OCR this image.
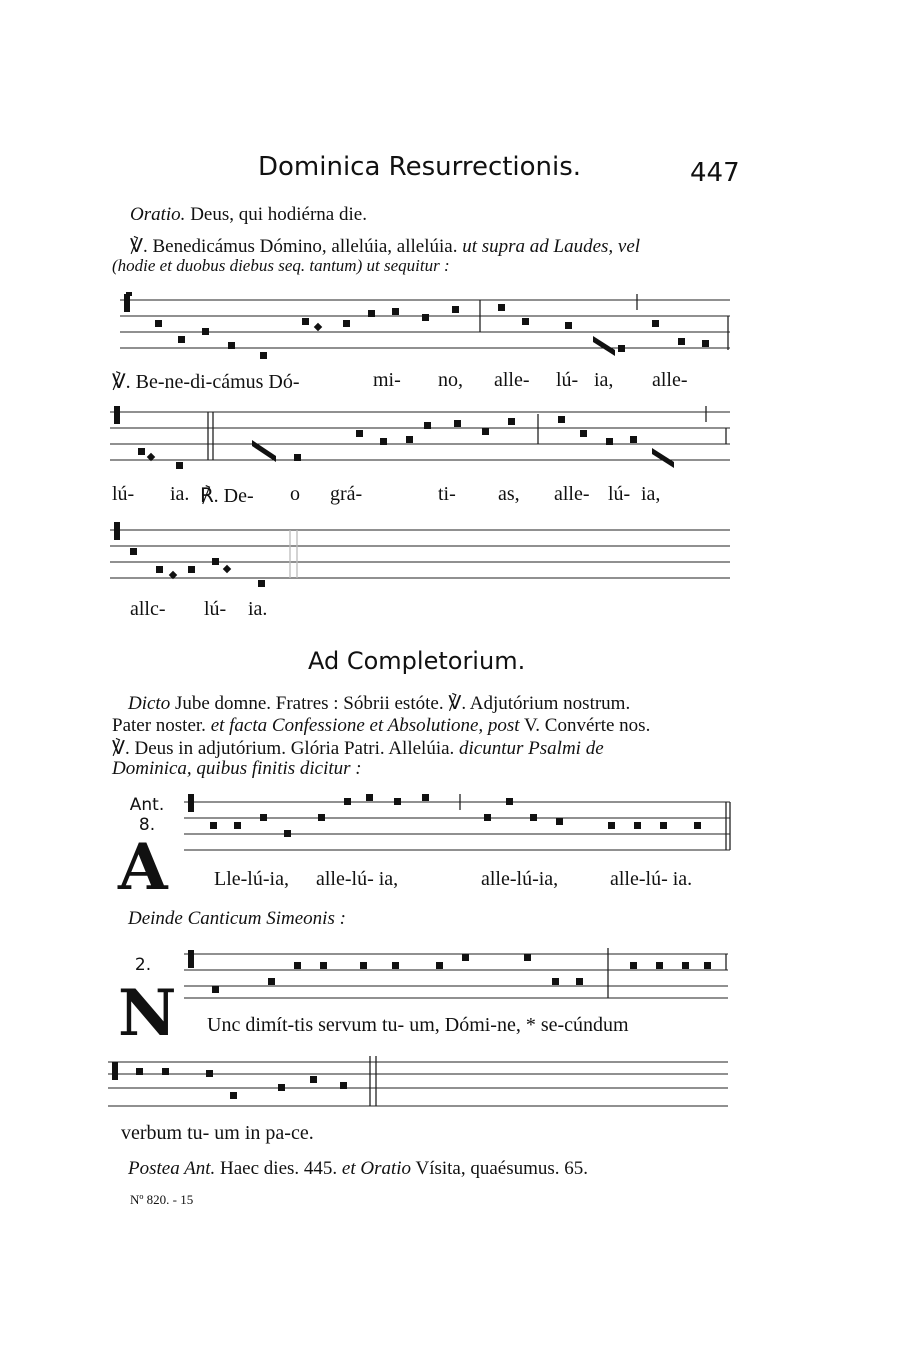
Dominica Resurrectionis.	447
Oratio. Deus, qui hodiérna die.
℣. Benedicámus Dómino, allelúia, allelúia. ut supra ad Laudes, vel
(hodie et duobus diebus seq. tantum) ut sequitur :
℣. Be-ne-di-cámus Dó-	mi- no, alle- lú- ia, alle-
lú- ia. ℟. De- o grá-	ti- as, alle- lú- ia,
allc- lú- ia.
Ad Completorium.
Dicto Jube domne. Fratres : Sóbrii estóte. ℣. Adjutórium nostrum.
Pater noster. et facta Confessione et Absolutione, post V. Convérte nos.
℣. Deus in adjutórium. Glória Patri. Allelúia. dicuntur Psalmi de
Dominica, quibus finitis dicitur :
Ant.
8.
A Lle-lú-ia, alle-lú- ia,	alle-lú-ia,	alle-lú- ia.
Deinde Canticum Simeonis :
2.
N Unc dimít-tis servum tu- um, Dómi-ne, * se-cúndum
verbum tu- um in pa-ce.
Postea Ant. Haec dies. 445. et Oratio Vísita, quaésumus. 65.
Nº 820. - 15
